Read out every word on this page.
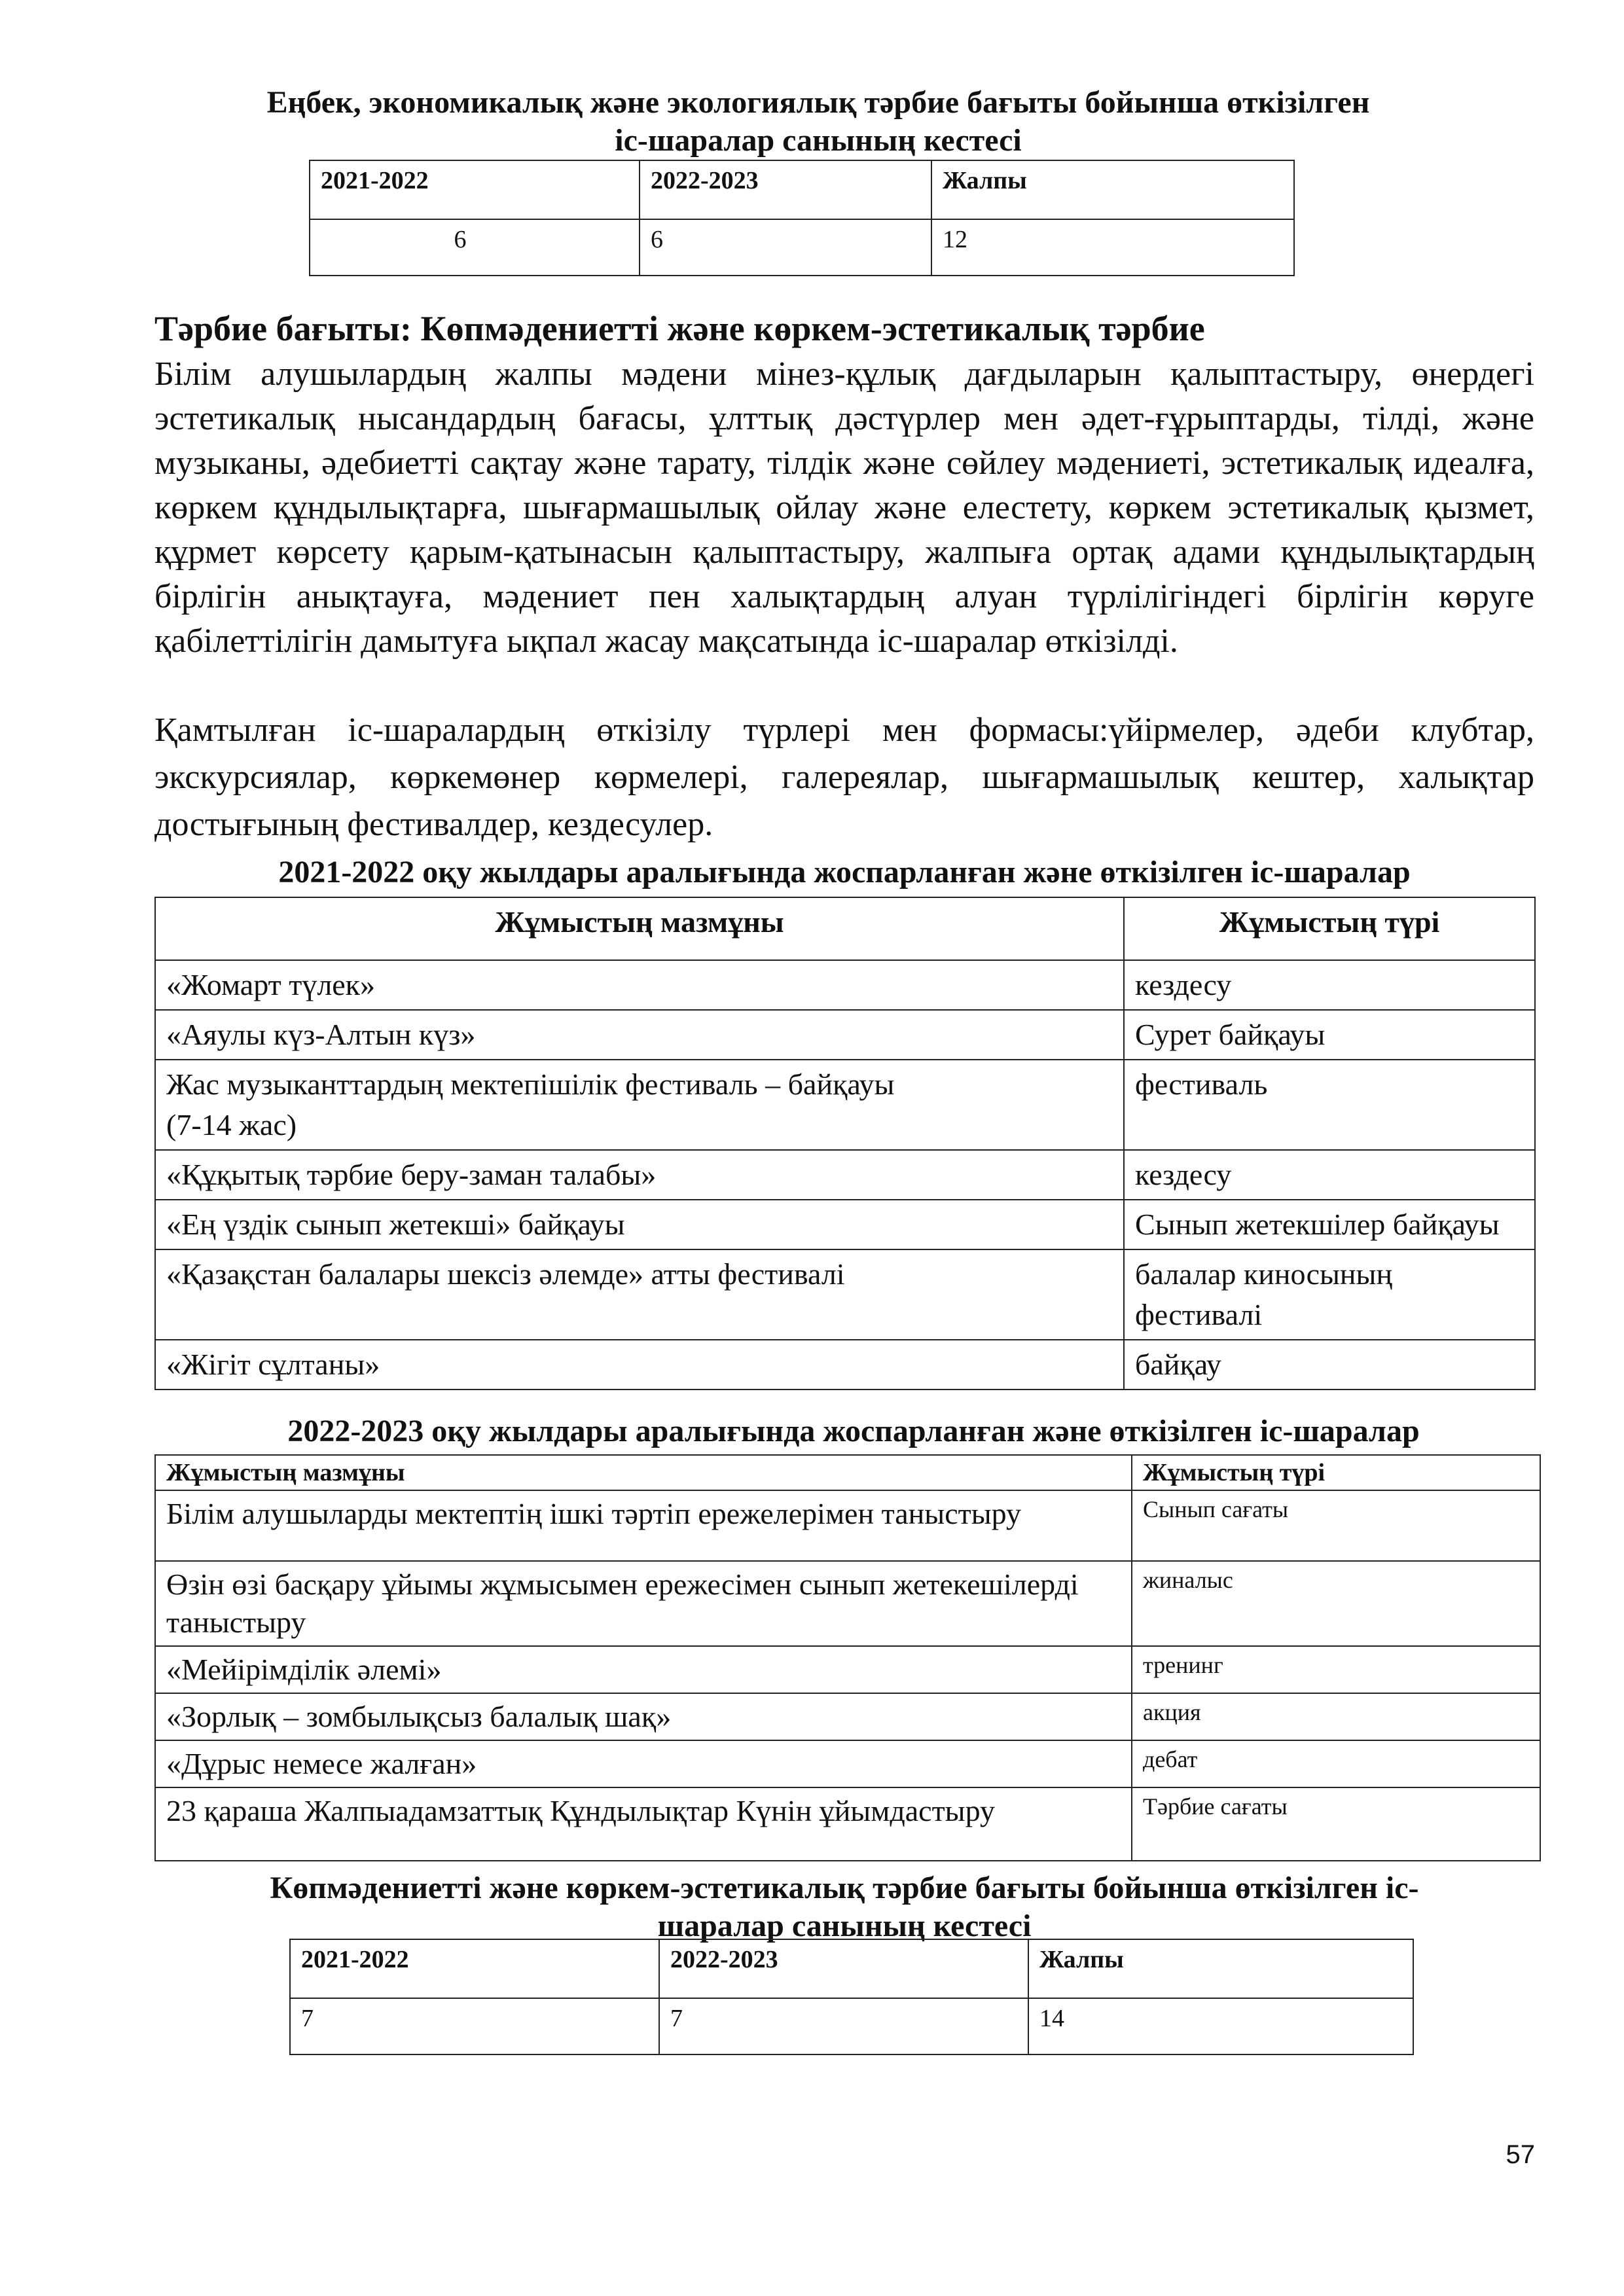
Еңбек, экономикалық және экологиялық тәрбие бағыты бойынша өткізілген
іс-шаралар санының кестесі
2021-2022	2022-2023	Жалпы
6	6	12
Тәрбие бағыты: Көпмәдениетті және көркем-эстетикалық тәрбие

Білім алушылардың жалпы мәдени мінез-құлық дағдыларын қалыптастыру, өнердегі эстетикалық нысандардың бағасы, ұлттық дәстүрлер мен әдет-ғұрыптарды, тілді, және музыканы, әдебиетті сақтау және тарату, тілдік және сөйлеу мәдениеті, эстетикалық идеалға, көркем құндылықтарға, шығармашылық ойлау және елестету, көркем эстетикалық қызмет, құрмет көрсету қарым-қатынасын қалыптастыру, жалпыға ортақ адами құндылықтардың бірлігін анықтауға, мәдениет пен халықтардың алуан түрлілігіндегі бірлігін көруге қабілеттілігін дамытуға ықпал жасау мақсатында іс-шаралар өткізілді.

Қамтылған іс-шаралардың өткізілу түрлері мен формасы:үйірмелер, әдеби клубтар, экскурсиялар, көркемөнер көрмелері, галереялар, шығармашылық кештер, халықтар достығының фестивалдер, кездесулер.

2021-2022 оқу жылдары аралығында жоспарланған және өткізілген іс-шаралар
Жұмыстың мазмұны	Жұмыстың түрі
«Жомарт түлек»	кездесу
«Аяулы күз-Алтын күз»	Сурет байқауы

Жас музыканттардың мектепішілік фестиваль – байқауы
(7-14 жас)	фестиваль
«Құқытық тәрбие беру-заман талабы»	кездесу
«Ең үздік сынып жетекші» байқауы	Сынып жетекшілер байқауы
«Қазақстан балалары шексіз әлемде» атты фестивалі	балалар киносының фестивалі
«Жігіт сұлтаны»	байқау
2022-2023 оқу жылдары аралығында жоспарланған және өткізілген іс-шаралар
Жұмыстың мазмұны	Жұмыстың түрі
Білім алушыларды мектептің ішкі тәртіп ережелерімен таныстыру	Сынып сағаты
Өзін өзі басқару ұйымы жұмысымен ережесімен сынып жетекешілерді таныстыру	жиналыс
«Мейірімділік әлемі»	тренинг
«Зорлық – зомбылықсыз балалық шақ»	акция
«Дұрыс немесе жалған»	дебат
23 қараша Жалпыадамзаттық Құндылықтар Күнін ұйымдастыру	Тәрбие сағаты
Көпмәдениетті және көркем-эстетикалық тәрбие бағыты бойынша өткізілген іс-
шаралар санының кестесі
2021-2022	2022-2023	Жалпы
7	7	14
57
